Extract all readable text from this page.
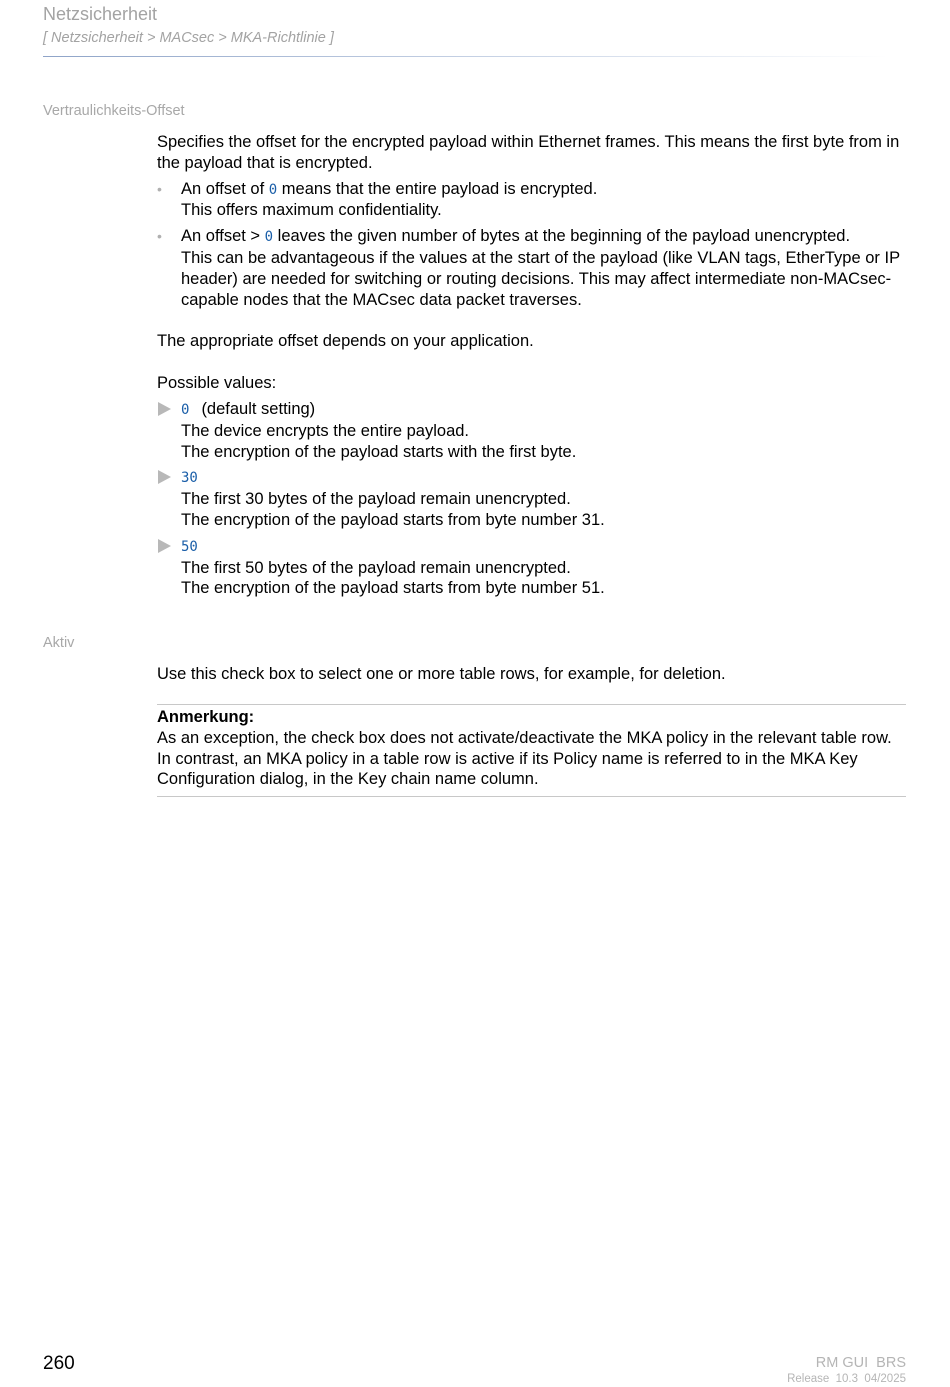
Netzsicherheit
[ Netzsicherheit > MACsec > MKA-Richtlinie ]
Vertraulichkeits-Offset

Specifies the offset for the encrypted payload within Ethernet frames. This means the first byte from in the payload that is encrypted.

• An offset of 0 means that the entire payload is encrypted.
This offers maximum confidentiality.
• An offset > 0 leaves the given number of bytes at the beginning of the payload unencrypted.
This can be advantageous if the values at the start of the payload (like VLAN tags, EtherType or IP header) are needed for switching or routing decisions. This may affect intermediate non-MACsec-capable nodes that the MACsec data packet traverses.

The appropriate offset depends on your application.

Possible values:

0 (default setting)
The device encrypts the entire payload.
The encryption of the payload starts with the first byte.
30
The first 30 bytes of the payload remain unencrypted.
The encryption of the payload starts from byte number 31.
50
The first 50 bytes of the payload remain unencrypted.
The encryption of the payload starts from byte number 51.
Aktiv

Use this check box to select one or more table rows, for example, for deletion.

Anmerkung:
As an exception, the check box does not activate/deactivate the MKA policy in the relevant table row.
In contrast, an MKA policy in a table row is active if its Policy name is referred to in the MKA Key Configuration dialog, in the Key chain name column.
260	RM GUI  BRS
Release  10.3  04/2025
